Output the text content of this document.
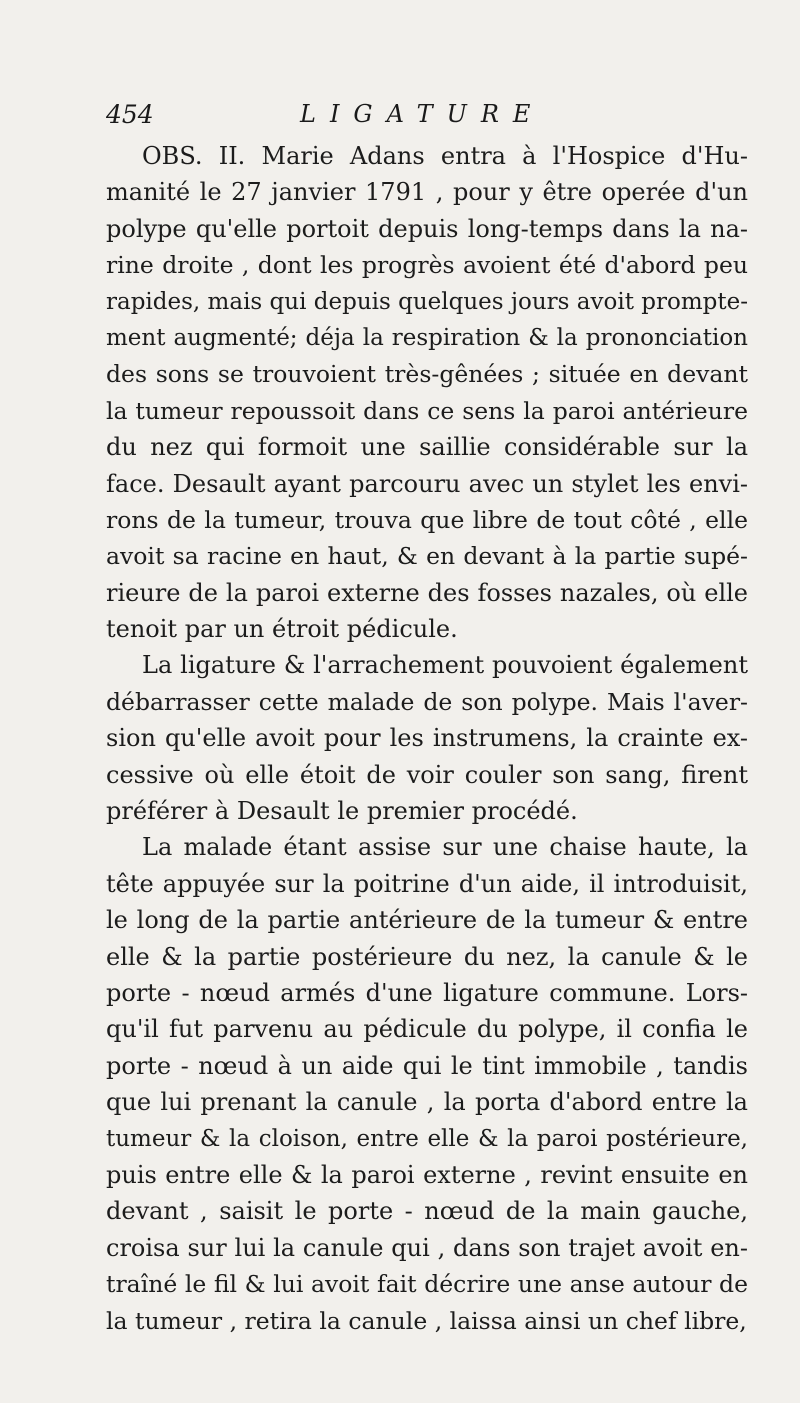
454	LIGATURE
OBS. II. Marie Adans entra à l'Hospice d'Hu-
manité le 27 janvier 1791 , pour y être operée d'un
polype qu'elle portoit depuis long-temps dans la na-
rine droite , dont les progrès avoient été d'abord peu
rapides, mais qui depuis quelques jours avoit prompte-
ment augmenté; déja la respiration & la prononciation
des sons se trouvoient très-gênées ; située en devant
la tumeur repoussoit dans ce sens la paroi antérieure
du nez qui formoit une saillie considérable sur la
face. Desault ayant parcouru avec un stylet les envi-
rons de la tumeur, trouva que libre de tout côté , elle
avoit sa racine en haut, & en devant à la partie supé-
rieure de la paroi externe des fosses nazales, où elle
tenoit par un étroit pédicule.
La ligature & l'arrachement pouvoient également
débarrasser cette malade de son polype. Mais l'aver-
sion qu'elle avoit pour les instrumens, la crainte ex-
cessive où elle étoit de voir couler son sang, firent
préférer à Desault le premier procédé.
La malade étant assise sur une chaise haute, la
tête appuyée sur la poitrine d'un aide, il introduisit,
le long de la partie antérieure de la tumeur & entre
elle & la partie postérieure du nez, la canule & le
porte - nœud armés d'une ligature commune. Lors-
qu'il fut parvenu au pédicule du polype, il confia le
porte - nœud à un aide qui le tint immobile , tandis
que lui prenant la canule , la porta d'abord entre la
tumeur & la cloison, entre elle & la paroi postérieure,
puis entre elle & la paroi externe , revint ensuite en
devant , saisit le porte - nœud de la main gauche,
croisa sur lui la canule qui , dans son trajet avoit en-
traîné le fil & lui avoit fait décrire une anse autour de
la tumeur , retira la canule , laissa ainsi un chef libre,
